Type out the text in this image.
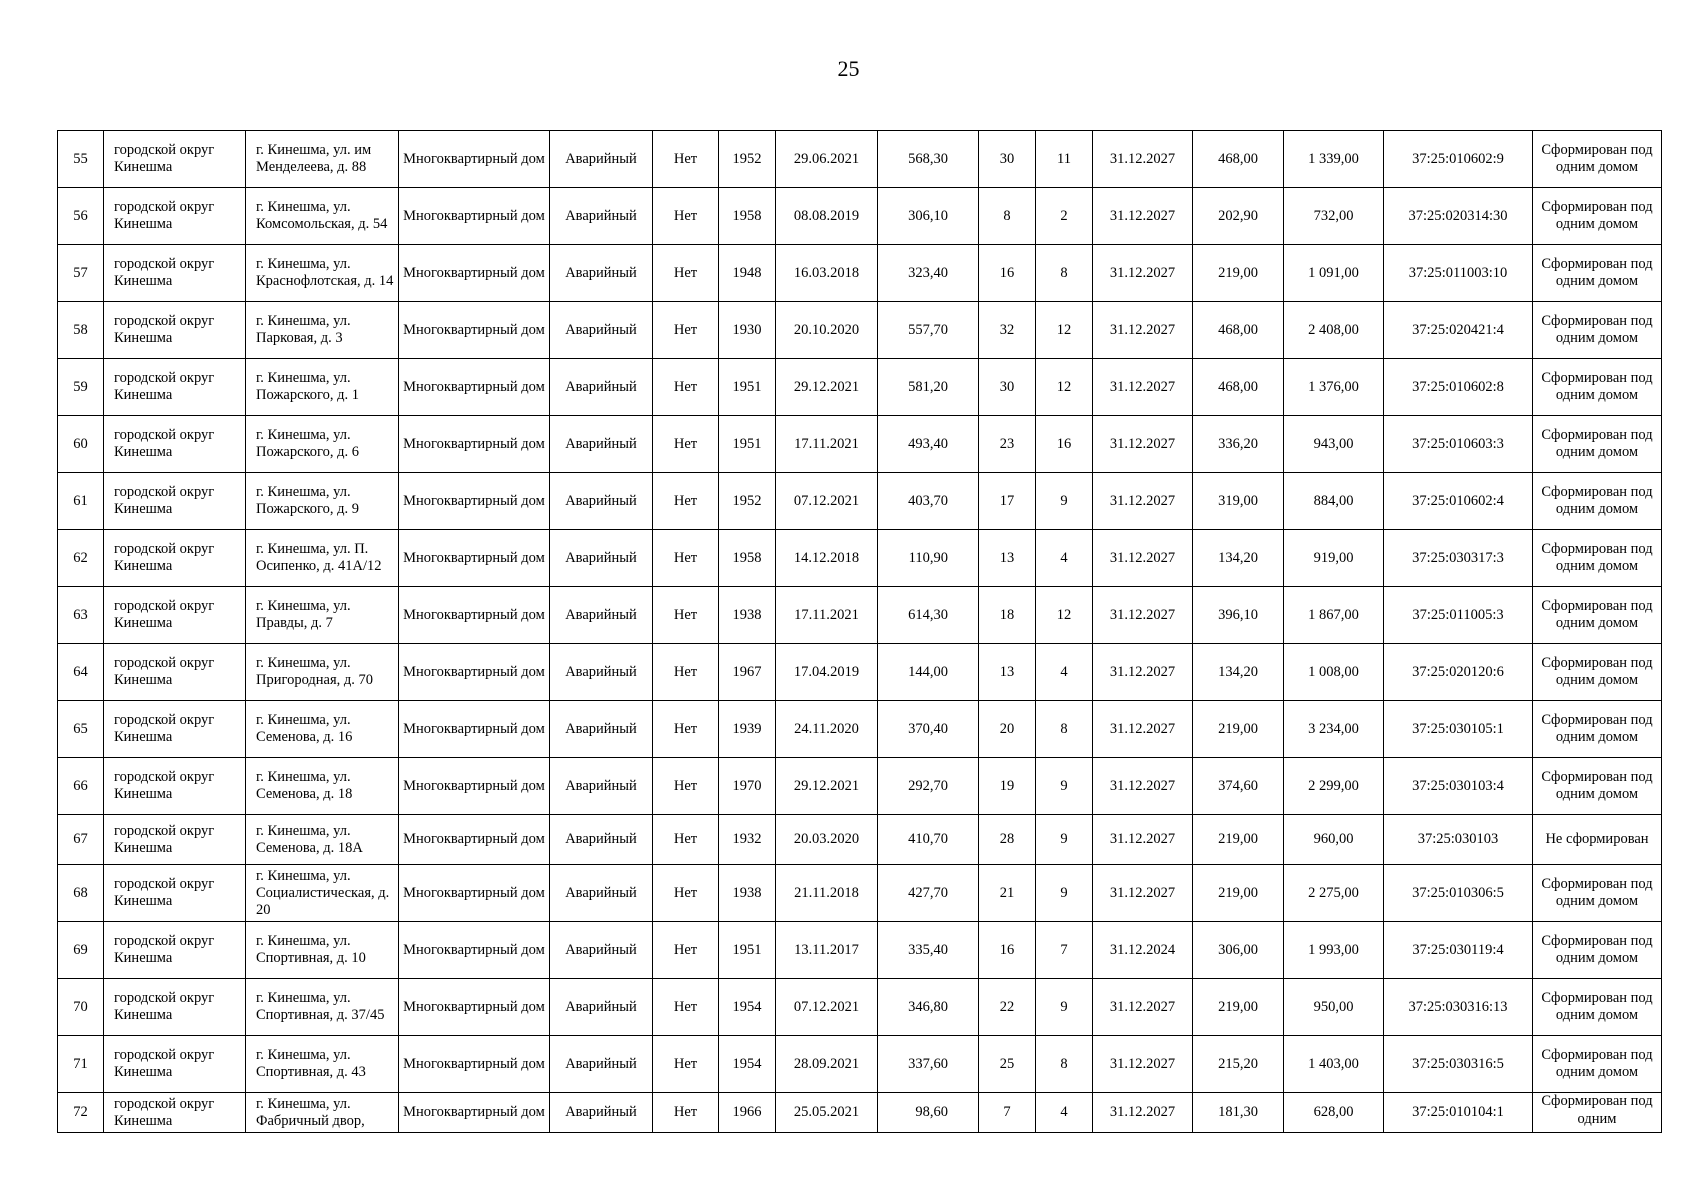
25
55	городской округ Кинешма	г. Кинешма, ул. им Менделеева, д. 88	Многоквартирный дом	Аварийный	Нет	1952	29.06.2021	568,30	30	11	31.12.2027	468,00	1 339,00	37:25:010602:9	Сформирован под одним домом
56	городской округ Кинешма	г. Кинешма, ул. Комсомольская, д. 54	Многоквартирный дом	Аварийный	Нет	1958	08.08.2019	306,10	8	2	31.12.2027	202,90	732,00	37:25:020314:30	Сформирован под одним домом
57	городской округ Кинешма	г. Кинешма, ул. Краснофлотская, д. 14	Многоквартирный дом	Аварийный	Нет	1948	16.03.2018	323,40	16	8	31.12.2027	219,00	1 091,00	37:25:011003:10	Сформирован под одним домом
58	городской округ Кинешма	г. Кинешма, ул. Парковая, д. 3	Многоквартирный дом	Аварийный	Нет	1930	20.10.2020	557,70	32	12	31.12.2027	468,00	2 408,00	37:25:020421:4	Сформирован под одним домом
59	городской округ Кинешма	г. Кинешма, ул. Пожарского, д. 1	Многоквартирный дом	Аварийный	Нет	1951	29.12.2021	581,20	30	12	31.12.2027	468,00	1 376,00	37:25:010602:8	Сформирован под одним домом
60	городской округ Кинешма	г. Кинешма, ул. Пожарского, д. 6	Многоквартирный дом	Аварийный	Нет	1951	17.11.2021	493,40	23	16	31.12.2027	336,20	943,00	37:25:010603:3	Сформирован под одним домом
61	городской округ Кинешма	г. Кинешма, ул. Пожарского, д. 9	Многоквартирный дом	Аварийный	Нет	1952	07.12.2021	403,70	17	9	31.12.2027	319,00	884,00	37:25:010602:4	Сформирован под одним домом
62	городской округ Кинешма	г. Кинешма, ул. П. Осипенко, д. 41А/12	Многоквартирный дом	Аварийный	Нет	1958	14.12.2018	110,90	13	4	31.12.2027	134,20	919,00	37:25:030317:3	Сформирован под одним домом
63	городской округ Кинешма	г. Кинешма, ул. Правды, д. 7	Многоквартирный дом	Аварийный	Нет	1938	17.11.2021	614,30	18	12	31.12.2027	396,10	1 867,00	37:25:011005:3	Сформирован под одним домом
64	городской округ Кинешма	г. Кинешма, ул. Пригородная, д. 70	Многоквартирный дом	Аварийный	Нет	1967	17.04.2019	144,00	13	4	31.12.2027	134,20	1 008,00	37:25:020120:6	Сформирован под одним домом
65	городской округ Кинешма	г. Кинешма, ул. Семенова, д. 16	Многоквартирный дом	Аварийный	Нет	1939	24.11.2020	370,40	20	8	31.12.2027	219,00	3 234,00	37:25:030105:1	Сформирован под одним домом
66	городской округ Кинешма	г. Кинешма, ул. Семенова, д. 18	Многоквартирный дом	Аварийный	Нет	1970	29.12.2021	292,70	19	9	31.12.2027	374,60	2 299,00	37:25:030103:4	Сформирован под одним домом
67	городской округ Кинешма	г. Кинешма, ул. Семенова, д. 18А	Многоквартирный дом	Аварийный	Нет	1932	20.03.2020	410,70	28	9	31.12.2027	219,00	960,00	37:25:030103	Не сформирован
68	городской округ Кинешма	г. Кинешма, ул. Социалистическая, д. 20	Многоквартирный дом	Аварийный	Нет	1938	21.11.2018	427,70	21	9	31.12.2027	219,00	2 275,00	37:25:010306:5	Сформирован под одним домом
69	городской округ Кинешма	г. Кинешма, ул. Спортивная, д. 10	Многоквартирный дом	Аварийный	Нет	1951	13.11.2017	335,40	16	7	31.12.2024	306,00	1 993,00	37:25:030119:4	Сформирован под одним домом
70	городской округ Кинешма	г. Кинешма, ул. Спортивная, д. 37/45	Многоквартирный дом	Аварийный	Нет	1954	07.12.2021	346,80	22	9	31.12.2027	219,00	950,00	37:25:030316:13	Сформирован под одним домом
71	городской округ Кинешма	г. Кинешма, ул. Спортивная, д. 43	Многоквартирный дом	Аварийный	Нет	1954	28.09.2021	337,60	25	8	31.12.2027	215,20	1 403,00	37:25:030316:5	Сформирован под одним домом
72	городской округ Кинешма	г. Кинешма, ул. Фабричный двор,	Многоквартирный дом	Аварийный	Нет	1966	25.05.2021	98,60	7	4	31.12.2027	181,30	628,00	37:25:010104:1	Сформирован под одним
